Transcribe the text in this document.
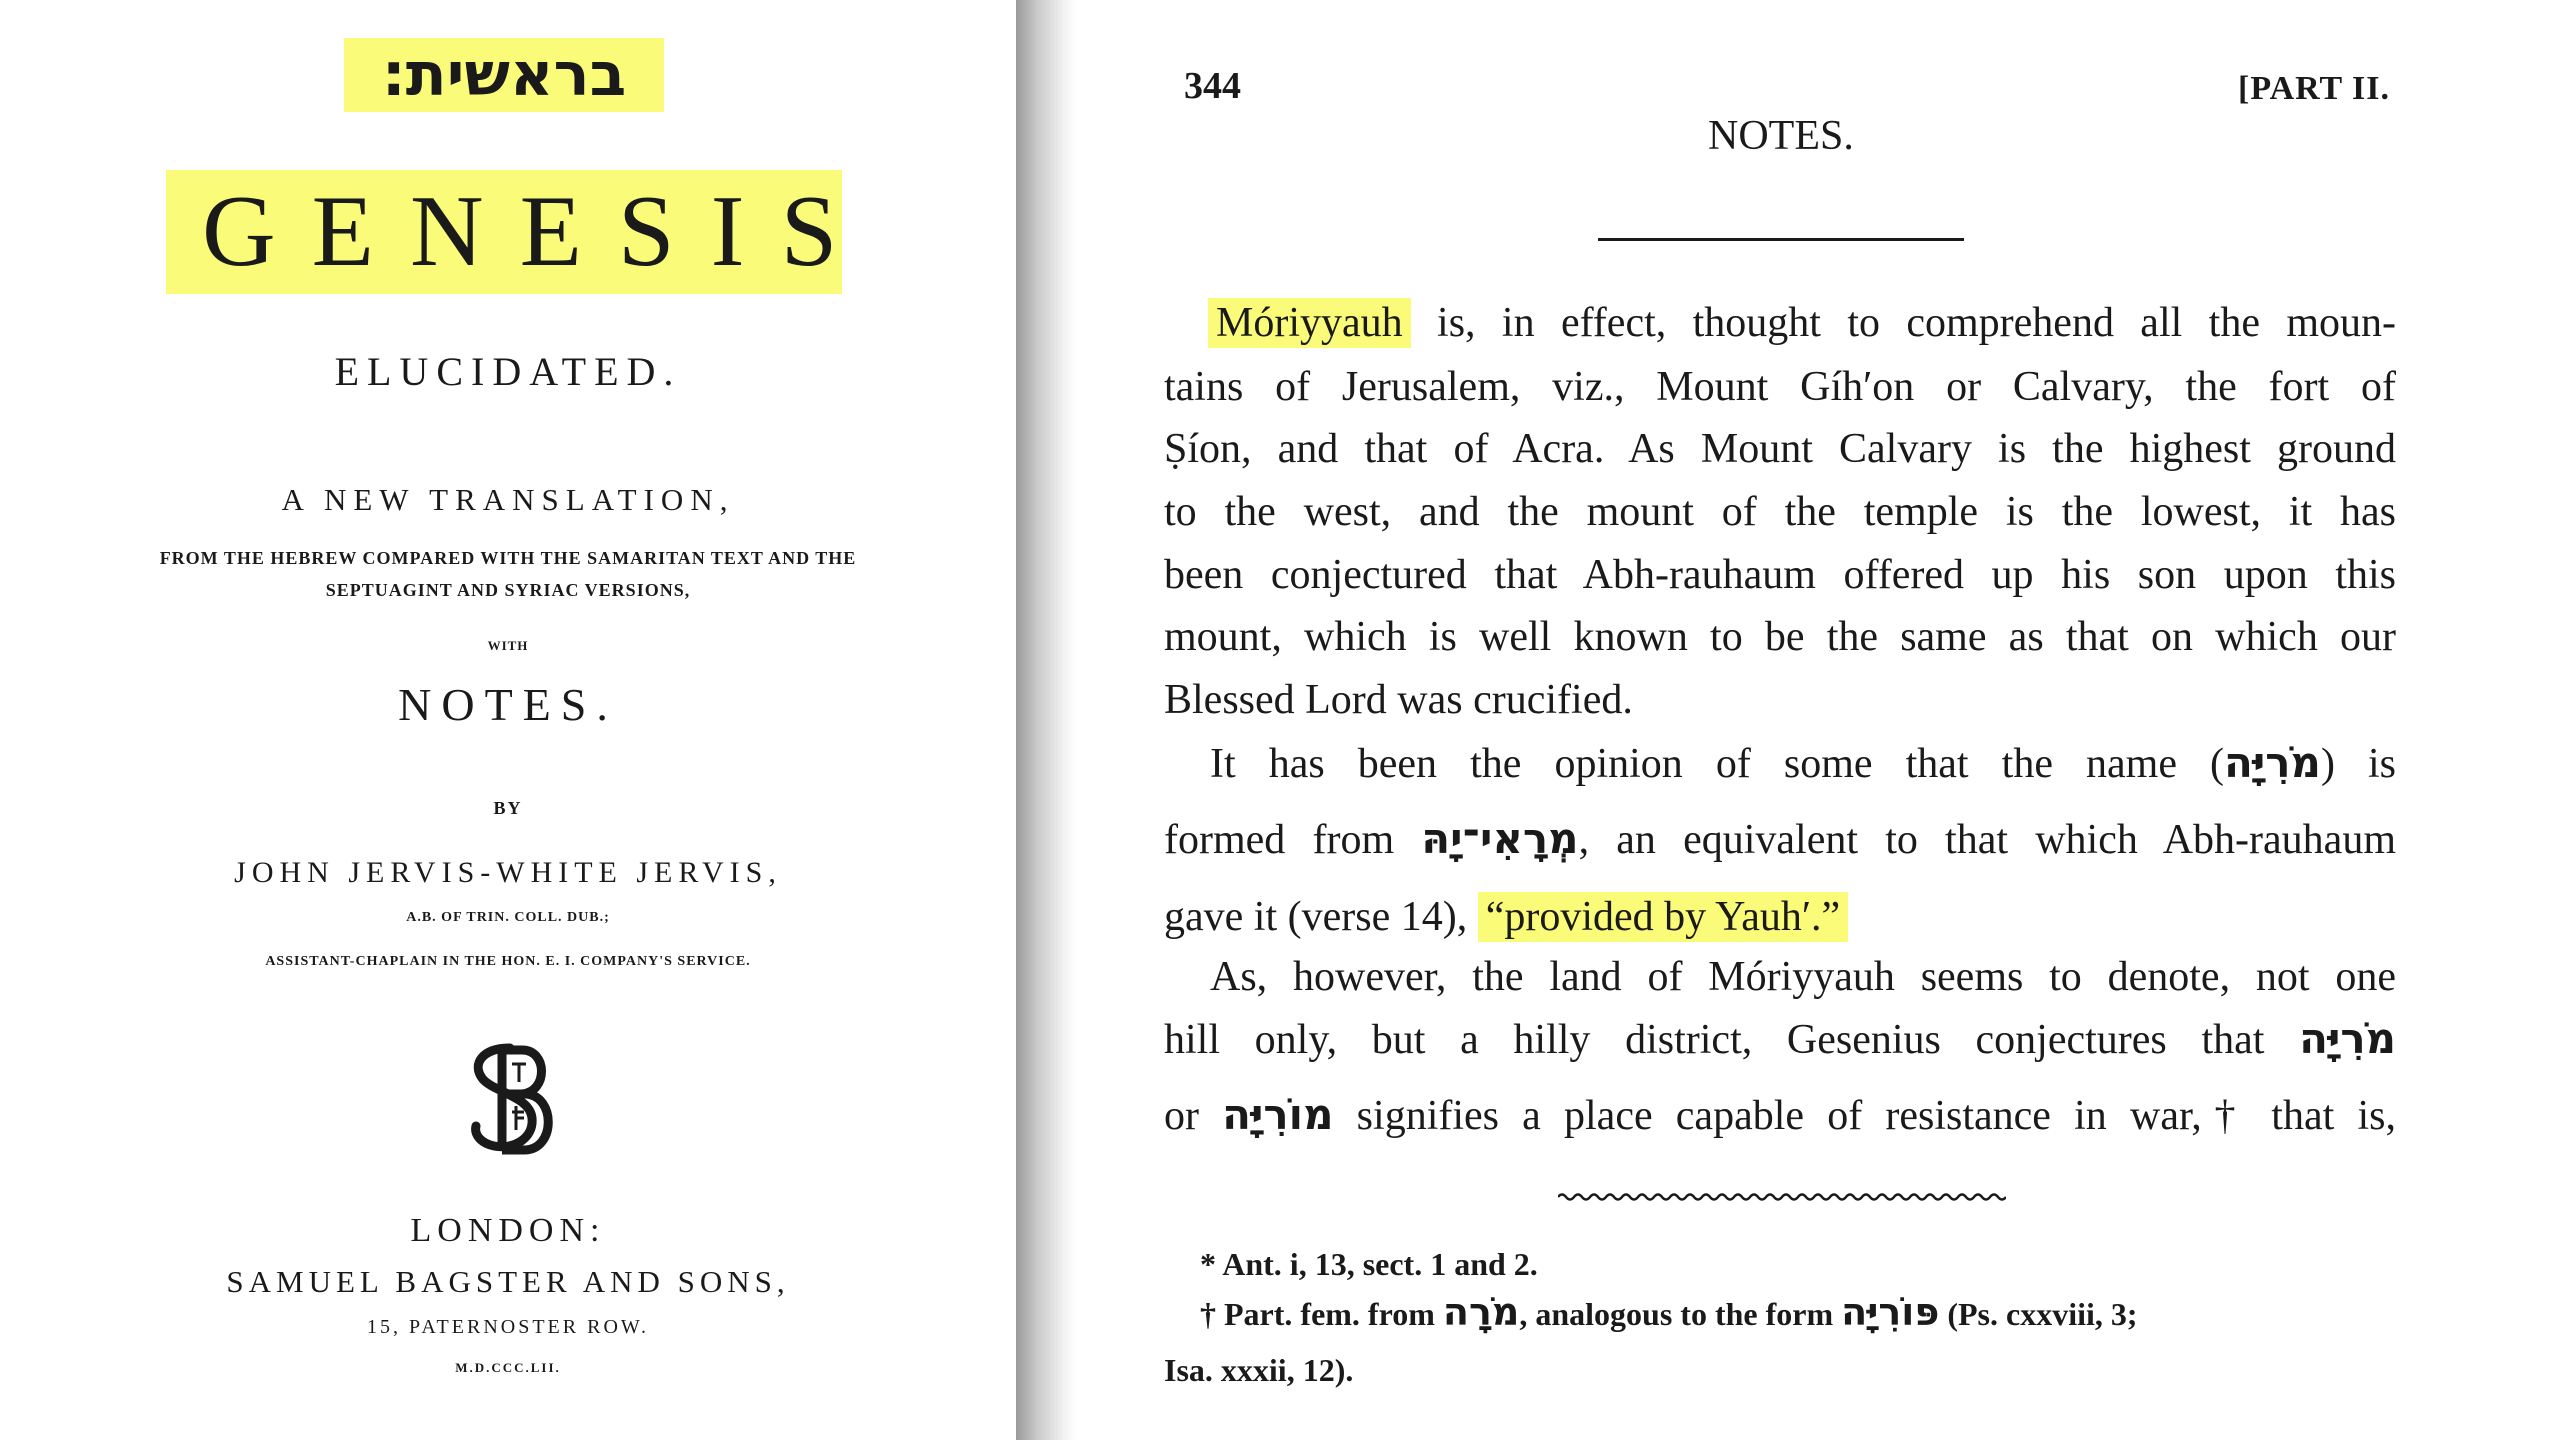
בראשית:
GENESIS
ELUCIDATED.
A NEW TRANSLATION,
FROM THE HEBREW COMPARED WITH THE SAMARITAN TEXT AND THE
SEPTUAGINT AND SYRIAC VERSIONS,
WITH
NOTES.
BY
JOHN JERVIS-WHITE JERVIS,
A.B. OF TRIN. COLL. DUB.;
ASSISTANT-CHAPLAIN IN THE HON. E. I. COMPANY'S SERVICE.
LONDON:
SAMUEL BAGSTER AND SONS,
15, PATERNOSTER ROW.
M.D.CCC.LII.
344	[PART II.
NOTES.
Móriyyauh is, in effect, thought to comprehend all the moun-
tains of Jerusalem, viz., Mount Gíh′on or Calvary, the fort of
Ṣíon, and that of Acra. As Mount Calvary is the highest ground
to the west, and the mount of the temple is the lowest, it has
been conjectured that Abh-rauhaum offered up his son upon this
mount, which is well known to be the same as that on which our
Blessed Lord was crucified.
It has been the opinion of some that the name (מֹרִיָּה) is
formed from מְרָאִי־יָהּ, an equivalent to that which Abh-rauhaum
gave it (verse 14), “provided by Yauh′.”
As, however, the land of Móriyyauh seems to denote, not one
hill only, but a hilly district, Gesenius conjectures that מֹרִיָּה
or מוֹרִיָּה signifies a place capable of resistance in war,† that is,
* Ant. i, 13, sect. 1 and 2.
† Part. fem. from מֹרָה, analogous to the form פּוֹרִיָּה (Ps. cxxviii, 3;
Isa. xxxii, 12).
